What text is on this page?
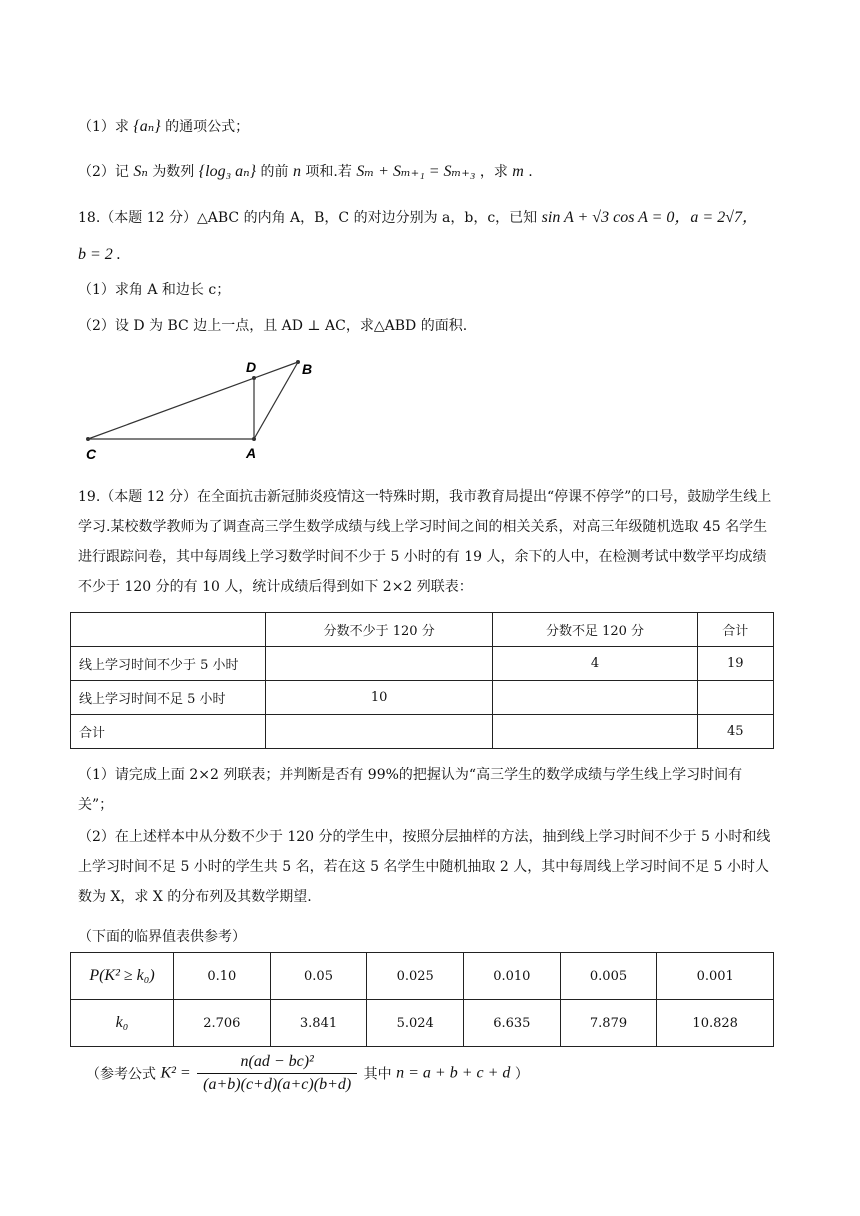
（1）求 {aₙ} 的通项公式；
（2）记 Sₙ 为数列 {log₃ aₙ} 的前 n 项和.若 Sₘ + Sₘ₊₁ = Sₘ₊₃ ，求 m .
18.（本题 12 分）△ABC 的内角 A，B，C 的对边分别为 a，b，c，已知 sin A + √3 cos A = 0，a = 2√7，
b = 2 .
（1）求角 A 和边长 c；
（2）设 D 为 BC 边上一点，且 AD ⊥ AC，求△ABD 的面积.
C	A
D	B
19.（本题 12 分）在全面抗击新冠肺炎疫情这一特殊时期，我市教育局提出“停课不停学”的口号，鼓励学生线上学习.某校数学教师为了调查高三学生数学成绩与线上学习时间之间的相关关系，对高三年级随机选取 45 名学生进行跟踪问卷，其中每周线上学习数学时间不少于 5 小时的有 19 人，余下的人中，在检测考试中数学平均成绩不少于 120 分的有 10 人，统计成绩后得到如下 2×2 列联表：
	分数不少于 120 分	分数不足 120 分	合计
线上学习时间不少于 5 小时		4	19
线上学习时间不足 5 小时	10		
合计			45
（1）请完成上面 2×2 列联表；并判断是否有 99%的把握认为“高三学生的数学成绩与学生线上学习时间有关”；
（2）在上述样本中从分数不少于 120 分的学生中，按照分层抽样的方法，抽到线上学习时间不少于 5 小时和线上学习时间不足 5 小时的学生共 5 名，若在这 5 名学生中随机抽取 2 人，其中每周线上学习时间不足 5 小时人数为 X，求 X 的分布列及其数学期望.
（下面的临界值表供参考）
P(K² ≥ k₀)	0.10	0.05	0.025	0.010	0.005	0.001
k₀	2.706	3.841	5.024	6.635	7.879	10.828
（参考公式 $K^2 = \frac{\text{n(ad − bc)²}}{(a+b)(c+d)(a+c)(b+d)}$ 其中 n = a + b + c + d ）
